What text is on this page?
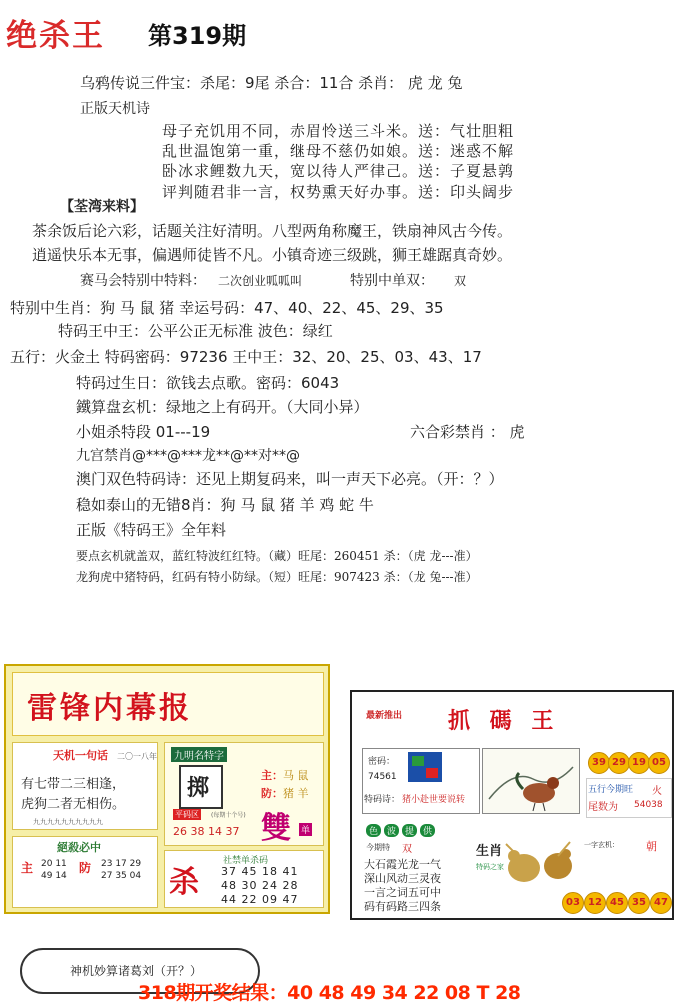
绝杀王 第319期
乌鸦传说三件宝：杀尾：9尾 杀合：11合 杀肖： 虎 龙 兔
正版天机诗
母子充饥用不同，赤眉怜送三斗米。送：气壮胆粗
乱世温饱第一重，继母不慈仍如娘。送：迷惑不解
卧冰求鲤数九天，宽以待人严律己。送：子夏悬鹑
评判随君非一言，权势熏天好办事。送：印头阔步
【荃湾来料】
茶余饭后论六彩，话题关注好清明。八型两角称魔王，铁扇神风古今传。
逍遥快乐本无事，偏遇师徒皆不凡。小镇奇迹三级跳，狮王雄踞真奇妙。
赛马会特别中特料： 二次创业呱呱叫	特别中单双： 双
特别中生肖：狗 马 鼠 猪 幸运号码：47、40、22、45、29、35
特码王中王：公平公正无标准 波色：绿红
五行：火金土 特码密码：97236 王中王：32、20、25、03、43、17
特码过生日：欲钱去点歌。密码：6043
鐵算盘玄机：绿地之上有码开。（大同小异）
小姐杀特段 01---19	六合彩禁肖 ： 虎
九宫禁肖@***@***龙**@**对**@
澳门双色特码诗：还见上期复码来，叫一声天下必亮。（开：？）
稳如泰山的无错8肖：狗 马 鼠 猪 羊 鸡 蛇 牛
正版《特码王》全年料
要点玄机就盖双，蓝红特波红红特。（藏）旺尾：260451 杀：（虎 龙---准）
龙狗虎中猪特码，红码有特小防绿。（短）旺尾：907423 杀：（龙 兔---准）
雷锋内幕报
天机一句话 二〇一八年
有七带二三相逢，
虎狗二者无相伤。
九九九九九九九九九九
九明名特字
掷
主： 马 鼠
防： 猪 羊
平码区	(每期十个号)
26 38 14 37 雙 单
絕殺必中
主 20 11
49 14
防 23 17 29
27 35 04 杀
社禁单杀码
37 45 18 41
48 30 24 28
44 22 09 47
最新推出 抓 碼 王
密码：
74561
特码诗： 猪小赴世要说转
39 29 19 05
五行今期旺 火
尾数为 54038
色	波	提	供
今期特 双
大石霞光龙一气
深山风动三灵夜
一言之词五可中
码有码路三四条
生肖
特码之家
一字玄机： 朝
03 12 45 35 47
神机妙算诸葛刘（开？）
318期开奖结果：40 48 49 34 22 08 T 28
